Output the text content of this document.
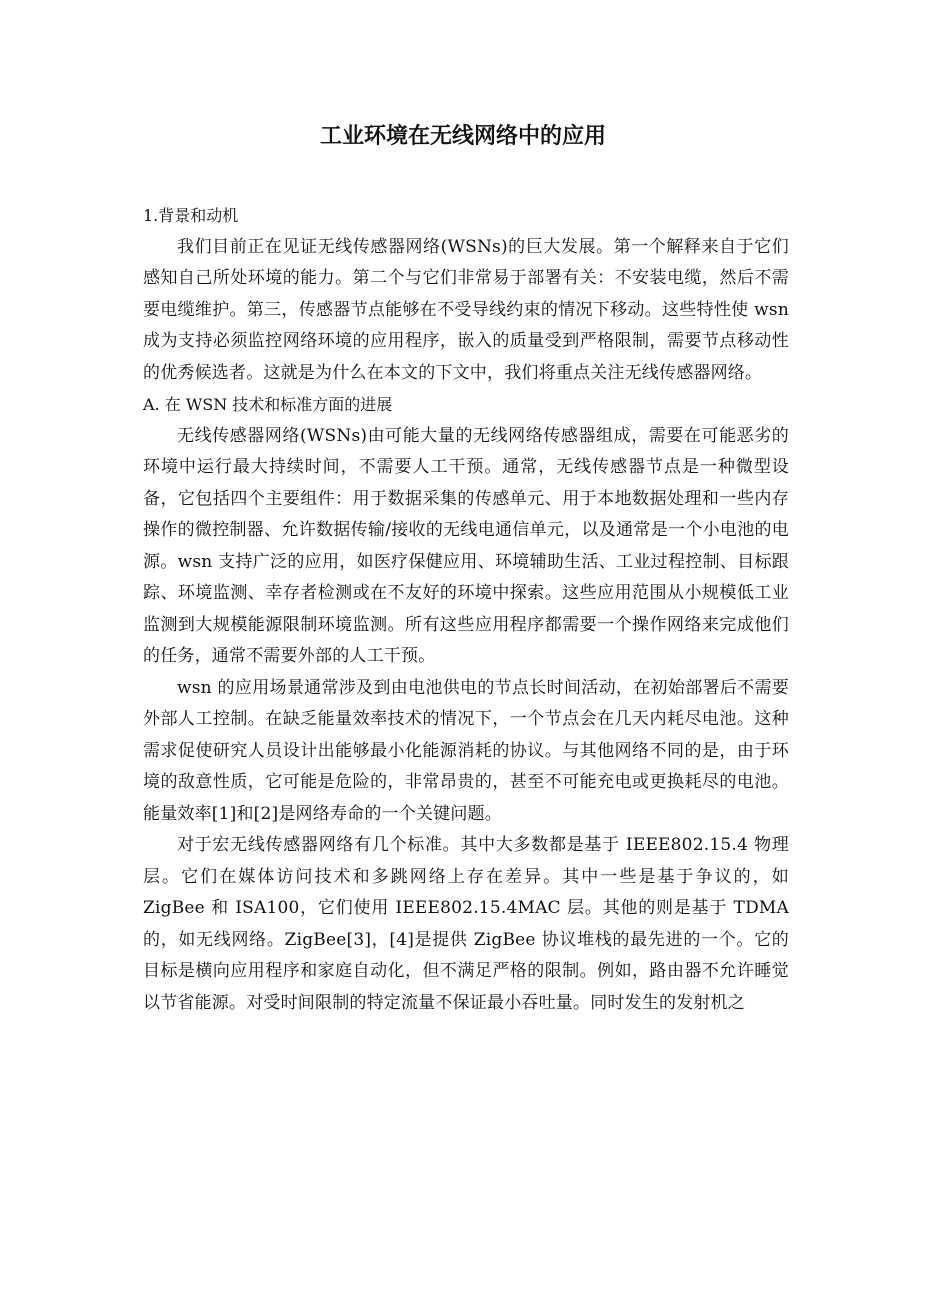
工业环境在无线网络中的应用

1.背景和动机

我们目前正在见证无线传感器网络(WSNs)的巨大发展。第一个解释来自于它们感知自己所处环境的能力。第二个与它们非常易于部署有关：不安装电缆，然后不需要电缆维护。第三，传感器节点能够在不受导线约束的情况下移动。这些特性使 wsn 成为支持必须监控网络环境的应用程序，嵌入的质量受到严格限制，需要节点移动性的优秀候选者。这就是为什么在本文的下文中，我们将重点关注无线传感器网络。

A. 在 WSN 技术和标准方面的进展

无线传感器网络(WSNs)由可能大量的无线网络传感器组成，需要在可能恶劣的环境中运行最大持续时间，不需要人工干预。通常，无线传感器节点是一种微型设备，它包括四个主要组件：用于数据采集的传感单元、用于本地数据处理和一些内存操作的微控制器、允许数据传输/接收的无线电通信单元，以及通常是一个小电池的电源。wsn 支持广泛的应用，如医疗保健应用、环境辅助生活、工业过程控制、目标跟踪、环境监测、幸存者检测或在不友好的环境中探索。这些应用范围从小规模低工业监测到大规模能源限制环境监测。所有这些应用程序都需要一个操作网络来完成他们的任务，通常不需要外部的人工干预。

wsn 的应用场景通常涉及到由电池供电的节点长时间活动，在初始部署后不需要外部人工控制。在缺乏能量效率技术的情况下，一个节点会在几天内耗尽电池。这种需求促使研究人员设计出能够最小化能源消耗的协议。与其他网络不同的是，由于环境的敌意性质，它可能是危险的，非常昂贵的，甚至不可能充电或更换耗尽的电池。能量效率[1]和[2]是网络寿命的一个关键问题。

对于宏无线传感器网络有几个标准。其中大多数都是基于 IEEE802.15.4 物理层。它们在媒体访问技术和多跳网络上存在差异。其中一些是基于争议的，如 ZigBee 和 ISA100，它们使用 IEEE802.15.4MAC 层。其他的则是基于 TDMA 的，如无线网络。ZigBee[3]，[4]是提供 ZigBee 协议堆栈的最先进的一个。它的目标是横向应用程序和家庭自动化，但不满足严格的限制。例如，路由器不允许睡觉以节省能源。对受时间限制的特定流量不保证最小吞吐量。同时发生的发射机之
